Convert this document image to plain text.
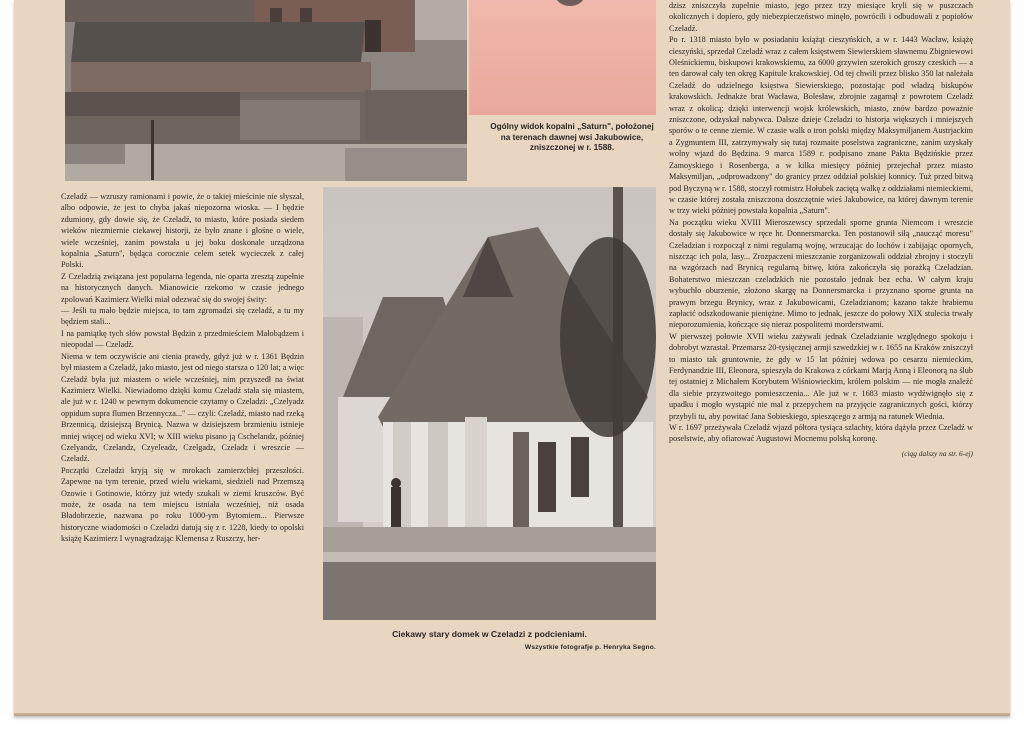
Ogólny widok kopalni „Saturn", położonej na terenach dawnej wsi Jakubowice, zniszczonej w r. 1588.
Ciekawy stary domek w Czeladzi z podcieniami.
Wszystkie fotografje p. Henryka Segno.

Czeladź — wzruszy ramionami i powie, że o takiej mieścinie nie słyszał, albo odpowie, że jest to chyba jakaś niepozorna wioska. — I będzie zdumiony, gdy dowie się, że Czeladź, to miasto, które posiada siedem wieków niezmiernie ciekawej historji, że było znane i głośne o wiele, wiele wcześniej, zanim powstała u jej boku doskonale urządzona kopalnia „Saturn", będąca corocznie celem setek wycieczek z całej Polski.

Z Czeladzią związana jest popularna legenda, nie oparta zresztą zupełnie na historycznych danych. Mianowicie rzekomo w czasie jednego zpolowań Kazimierz Wielki miał odezwać się do swojej świty:

— Jeśli tu mało będzie miejsca, to tam zgromadzi się czeladź, a tu my będziem stali...

I na pamiątkę tych słów powstał Będzin z przedmieściem Małobądzem i nieopodal — Czeladź.

Niema w tem oczywiście ani cienia prawdy, gdyż już w r. 1361 Będzin był miastem a Czeladź, jako miasto, jest od niego starsza o 120 lat; a więc Czeladź była już miastem o wiele wcześniej, nim przyszedł na świat Kazimierz Wielki. Niewiadomo dzięki komu Czeladź stała się miastem, ale już w r. 1240 w pewnym dokumencie czytamy o Czeladzi: „Czelyadz oppidum supra flumen Brzennycza..." — czyli: Czeladź, miasto nad rzeką Brzennicą, dzisiejszą Brynicą. Nazwa w dzisiejszem brzmieniu istnieje mniej więcej od wieku XVI; w XIII wieku pisano ją Cschelandz, później Czelyandz, Czelandz, Czyeleadz, Czelgadz, Czeladz i wreszcie — Czeladź.

Początki Czeladzi kryją się w mrokach zamierzchłej przeszłości. Zapewne na tym terenie, przed wielu wiekami, siedzieli nad Przemszą Ozowie i Gotinowie, którzy już wtedy szukali w ziemi kruszców. Być może, że osada na tem miejscu istniała wcześniej, niż osada Bładobrzezie, nazwana po roku 1000-ym Bytomiem... Pierwsze historyczne wiadomości o Czeladzi datują się z r. 1228, kiedy to opolski książę Kazimierz I wynagradzając Klemensa z Ruszczy, her-

dzisz zniszczyła zupełnie miasto, jego przez trzy miesiące kryli się w puszczach okolicznych i dopiero, gdy niebezpieczeństwo minęło, powrócili i odbudowali z popiołów Czeladź.

Po r. 1318 miasto było w posiadaniu książąt cieszyńskich, a w r. 1443 Wacław, książę cieszyński, sprzedał Czeladź wraz z całem księstwem Siewierskiem sławnemu Zbigniewowi Oleśnickiemu, biskupowi krakowskiemu, za 6000 grzywien szerokich groszy czeskich — a ten darował cały ten okręg Kapitule krakowskiej. Od tej chwili przez blisko 350 lat należała Czeladź do udzielnego księstwa Siewierskiego, pozostając pod władzą biskupów krakowskich. Jednakże brat Wacława, Bolesław, zbrojnie zagarnął z powrotem Czeladź wraz z okolicą; dzięki interwencji wojsk królewskich, miasto, znów bardzo poważnie zniszczone, odzyskał nabywca. Dalsze dzieje Czeladzi to historja większych i mniejszych sporów o te cenne ziemie. W czasie walk o tron polski między Maksymiljanem Austrjackim a Zygmuntem III, zatrzymywały się tutaj rozmaite poselstwa zagraniczne, zanim uzyskały wolny wjazd do Będzina. 9 marca 1589 r. podpisano znane Pakta Będzińskie przez Zamoyskiego i Rosenberga, a w kilka miesięcy później przejechał przez miasto Maksymiljan, „odprowadzony" do granicy przez oddział polskiej konnicy. Tuż przed bitwą pod Byczyną w r. 1588, stoczył rotmistrz Hołubek zaciętą walkę z oddziałami niemieckiemi, w czasie której została zniszczona doszczętnie wieś Jakubowice, na której dawnym terenie w trzy wieki później powstała kopalnia „Saturn".

Na początku wieku XVIII Mieroszewscy sprzedali sporne grunta Niemcom i wreszcie dostały się Jakubowice w ręce hr. Donnersmarcka. Ten postanowił siłą „naucząć moresu" Czeladzian i rozpoczął z nimi regularną wojnę, wrzucając do lochów i zabijając opornych, niszcząc ich pola, lasy... Zrozpaczeni mieszczanie zorganizowali oddział zbrojny i stoczyli na wzgórzach nad Brynicą regularną bitwę, która zakończyła się porażką Czeladzian. Bohaterstwo mieszczan czeladzkich nie pozostało jednak bez echa. W całym kraju wybuchło oburzenie, złożono skargę na Donnersmarcka i przyznano sporne grunta na prawym brzegu Brynicy, wraz z Jakubowicami, Czeladzianom; kazano także hrabiemu zapłacić odszkodowanie pieniężne. Mimo to jednak, jeszcze do połowy XIX stulecia trwały nieporozumienia, kończące się nieraz pospolitemi morderstwami.

W pierwszej połowie XVII wieku zażywali jednak Czeladzianie względnego spokoju i dobrobyt wzrastał. Przemarsz 20-tysięcznej armji szwedzkiej w r. 1655 na Kraków zniszczył to miasto tak gruntownie, że gdy w 15 lat później wdowa po cesarzu niemieckim, Ferdynandzie III, Eleonora, spieszyła do Krakowa z córkami Marją Anną i Eleonorą na ślub tej ostatniej z Michałem Korybutem Wiśniowieckim, królem polskim — nie mogła znaleźć dla siebie przyzwoitego pomieszczenia... Ale już w r. 1683 miasto wydźwignęło się z upadku i mogło wystąpić nie mal z przepychem na przyjęcie zagranicznych gości, którzy przybyli tu, aby powitać Jana Sobieskiego, spieszącego z armją na ratunek Wiednia.

W r. 1697 przeżywała Czeladź wjazd półtora tysiąca szlachty, która dążyła przez Czeladź w poselstwie, aby ofiarować Augustowi Mocnemu polską koronę.

(ciąg dalszy na str. 6-ej)
